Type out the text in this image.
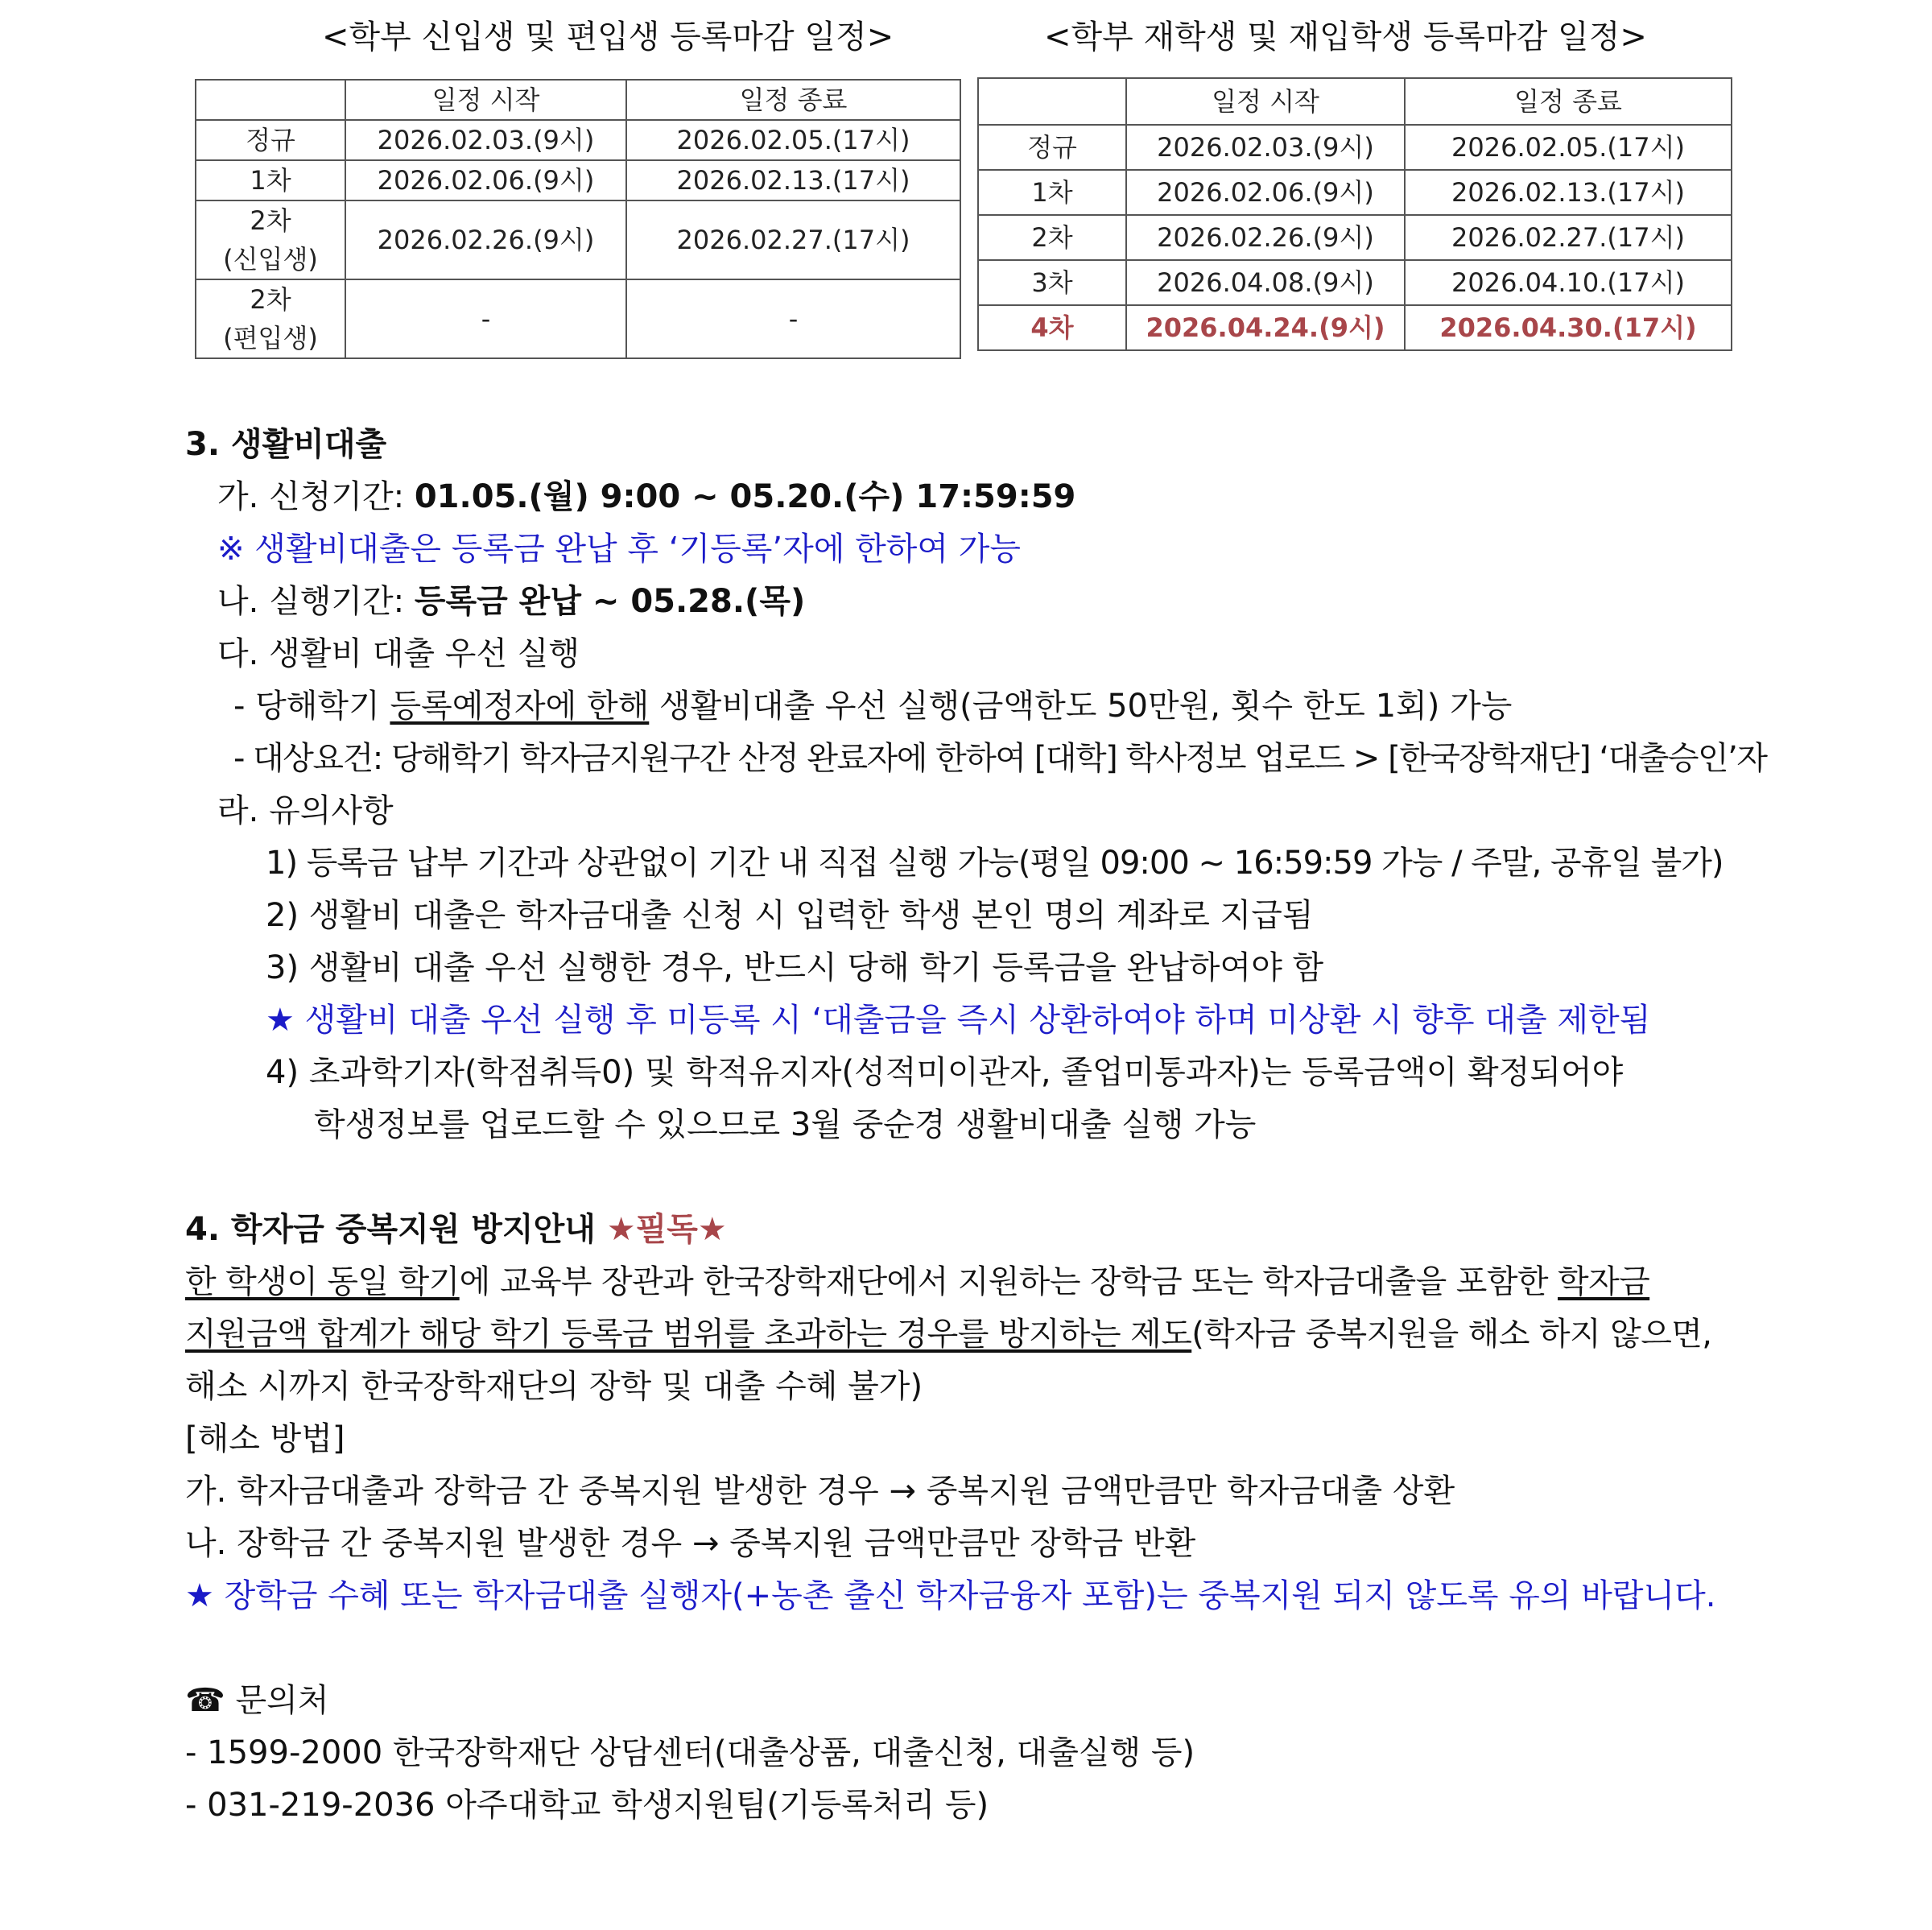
<학부 신입생 및 편입생 등록마감 일정>
	일정 시작	일정 종료
정규	2026.02.03.(9시)	2026.02.05.(17시)
1차	2026.02.06.(9시)	2026.02.13.(17시)
2차
(신입생)	2026.02.26.(9시)	2026.02.27.(17시)
2차
(편입생)	-	-
<학부 재학생 및 재입학생 등록마감 일정>
	일정 시작	일정 종료
정규	2026.02.03.(9시)	2026.02.05.(17시)
1차	2026.02.06.(9시)	2026.02.13.(17시)
2차	2026.02.26.(9시)	2026.02.27.(17시)
3차	2026.04.08.(9시)	2026.04.10.(17시)
4차	2026.04.24.(9시)	2026.04.30.(17시)
3. 생활비대출
가. 신청기간: 01.05.(월) 9:00 ~ 05.20.(수) 17:59:59
※ 생활비대출은 등록금 완납 후 ‘기등록’자에 한하여 가능
나. 실행기간: 등록금 완납 ~ 05.28.(목)
다. 생활비 대출 우선 실행
- 당해학기 등록예정자에 한해 생활비대출 우선 실행(금액한도 50만원, 횟수 한도 1회) 가능
- 대상요건: 당해학기 학자금지원구간 산정 완료자에 한하여 [대학] 학사정보 업로드 > [한국장학재단] ‘대출승인’자
라. 유의사항
1) 등록금 납부 기간과 상관없이 기간 내 직접 실행 가능(평일 09:00 ~ 16:59:59 가능 / 주말, 공휴일 불가)
2) 생활비 대출은 학자금대출 신청 시 입력한 학생 본인 명의 계좌로 지급됨
3) 생활비 대출 우선 실행한 경우, 반드시 당해 학기 등록금을 완납하여야 함
★ 생활비 대출 우선 실행 후 미등록 시 ‘대출금을 즉시 상환하여야 하며 미상환 시 향후 대출 제한됨
4) 초과학기자(학점취득0) 및 학적유지자(성적미이관자, 졸업미통과자)는 등록금액이 확정되어야
학생정보를 업로드할 수 있으므로 3월 중순경 생활비대출 실행 가능
4. 학자금 중복지원 방지안내 ★필독★
한 학생이 동일 학기에 교육부 장관과 한국장학재단에서 지원하는 장학금 또는 학자금대출을 포함한 학자금
지원금액 합계가 해당 학기 등록금 범위를 초과하는 경우를 방지하는 제도(학자금 중복지원을 해소 하지 않으면,
해소 시까지 한국장학재단의 장학 및 대출 수혜 불가)
[해소 방법]
가. 학자금대출과 장학금 간 중복지원 발생한 경우 → 중복지원 금액만큼만 학자금대출 상환
나. 장학금 간 중복지원 발생한 경우 → 중복지원 금액만큼만 장학금 반환
★ 장학금 수혜 또는 학자금대출 실행자(+농촌 출신 학자금융자 포함)는 중복지원 되지 않도록 유의 바랍니다.
☎ 문의처
- 1599-2000 한국장학재단 상담센터(대출상품, 대출신청, 대출실행 등)
- 031-219-2036 아주대학교 학생지원팀(기등록처리 등)
